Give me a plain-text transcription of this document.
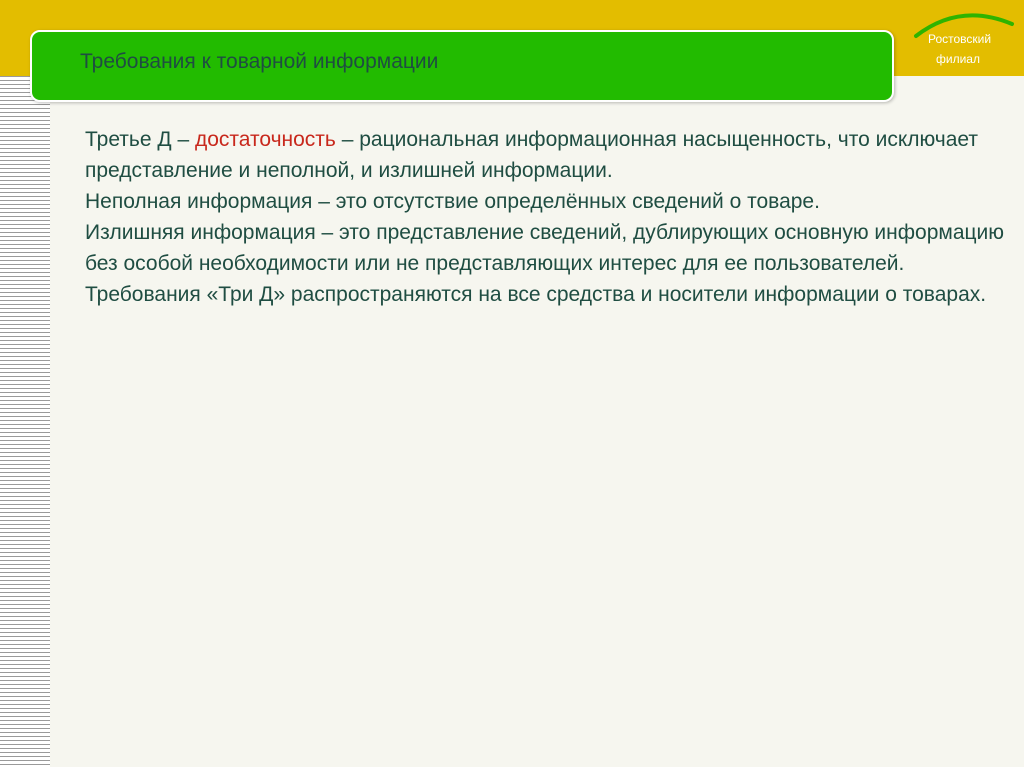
Требования к товарной информации
Ростовский
филиал

Третье Д – достаточность – рациональная информационная насыщенность, что исключает представление и неполной, и излишней информации.

Неполная информация – это отсутствие определённых сведений о товаре.

Излишняя информация – это представление сведений, дублирующих основную информацию без особой необходимости или не представляющих интерес для ее пользователей.

Требования «Три Д» распространяются на все средства и носители информации о товарах.
